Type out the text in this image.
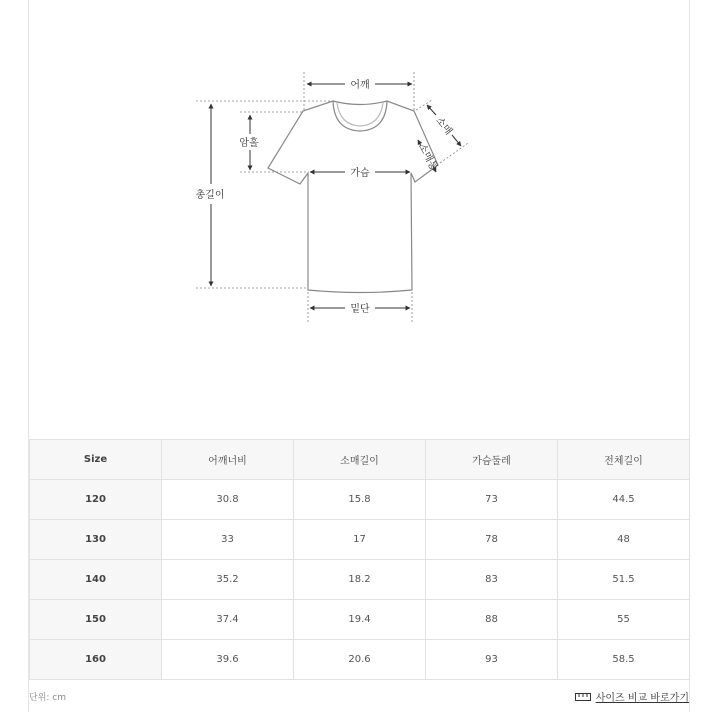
어깨
암홀
가슴
총길이
밑단
소매
소매통
Size	어깨너비	소매길이	가슴둘레	전체길이
120	30.8	15.8	73	44.5
130	33	17	78	48
140	35.2	18.2	83	51.5
150	37.4	19.4	88	55
160	39.6	20.6	93	58.5
단위: cm	사이즈 비교 바로가기
